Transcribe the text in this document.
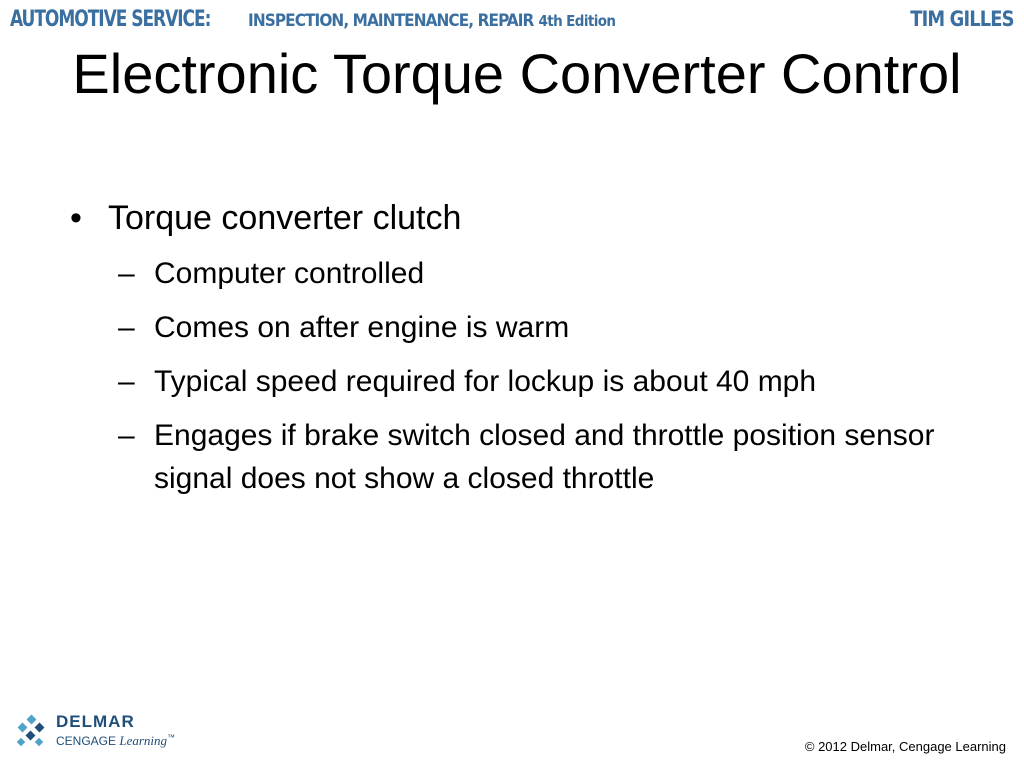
AUTOMOTIVE SERVICE: INSPECTION, MAINTENANCE, REPAIR 4th Edition	TIM GILLES
Electronic Torque Converter Control
• Torque converter clutch
– Computer controlled
– Comes on after engine is warm
– Typical speed required for lockup is about 40 mph
– Engages if brake switch closed and throttle position sensor signal does not show a closed throttle
DELMAR
CENGAGE Learning™
© 2012 Delmar, Cengage Learning
